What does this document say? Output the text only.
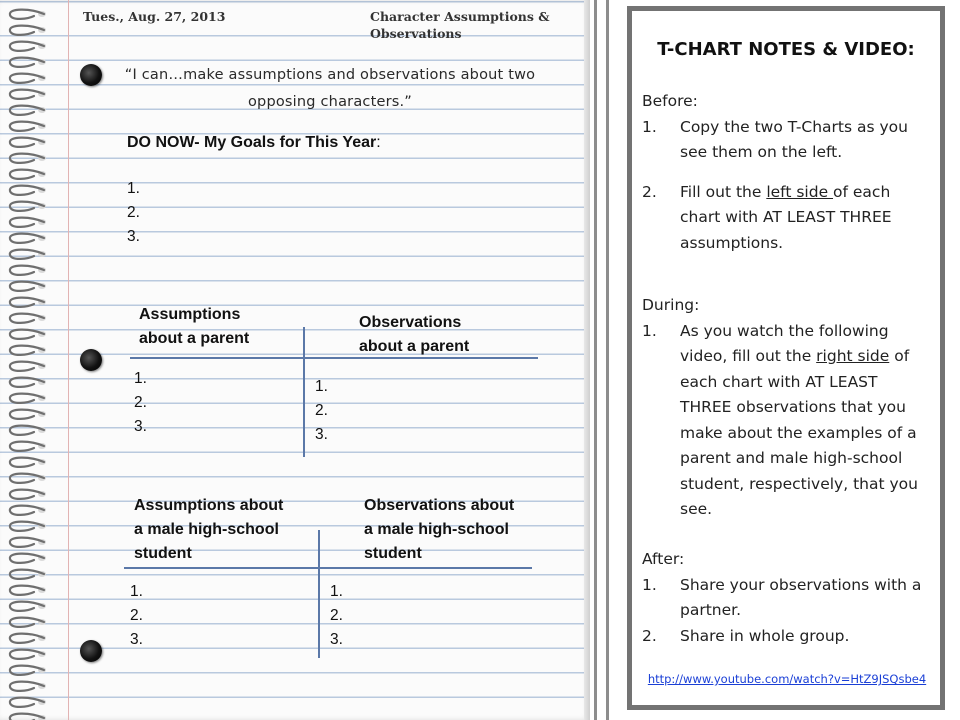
Tues., Aug. 27, 2013	Character Assumptions &
Observations
“I can…make assumptions and observations about two
opposing characters.”
DO NOW- My Goals for This Year:
1.
2.
3.
Assumptions
about a parent
Observations
about a parent
1.
2.
3.
1.
2.
3.
Assumptions about
a male high-school
student
Observations about
a male high-school
student
1.
2.
3.
1.
2.
3.
T-CHART NOTES & VIDEO:
Before:
1. Copy the two T-Charts as you see them on the left.
2. Fill out the left side of each chart with AT LEAST THREE assumptions.
During:
1. As you watch the following video, fill out the right side of each chart with AT LEAST THREE observations that you make about the examples of a parent and male high-school student, respectively, that you see.
After:
1. Share your observations with a partner.
2. Share in whole group.
http://www.youtube.com/watch?v=HtZ9JSQsbe4
